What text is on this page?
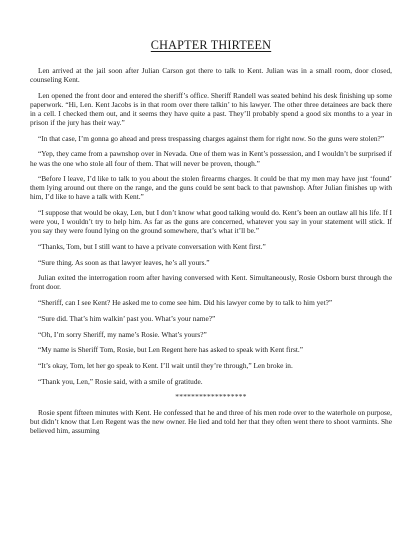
CHAPTER THIRTEEN

Len arrived at the jail soon after Julian Carson got there to talk to Kent. Julian was in a small room, door closed, counseling Kent.

Len opened the front door and entered the sheriff’s office. Sheriff Randell was seated behind his desk finishing up some paperwork. “Hi, Len. Kent Jacobs is in that room over there talkin’ to his lawyer. The other three detainees are back there in a cell. I checked them out, and it seems they have quite a past. They’ll probably spend a good six months to a year in prison if the jury has their way.”

“In that case, I’m gonna go ahead and press trespassing charges against them for right now. So the guns were stolen?”

“Yep, they came from a pawnshop over in Nevada. One of them was in Kent’s possession, and I wouldn’t be surprised if he was the one who stole all four of them. That will never be proven, though.”

“Before I leave, I’d like to talk to you about the stolen firearms charges. It could be that my men may have just ‘found’ them lying around out there on the range, and the guns could be sent back to that pawnshop. After Julian finishes up with him, I’d like to have a talk with Kent.”

“I suppose that would be okay, Len, but I don’t know what good talking would do. Kent’s been an outlaw all his life. If I were you, I wouldn’t try to help him. As far as the guns are concerned, whatever you say in your statement will stick. If you say they were found lying on the ground somewhere, that’s what it’ll be.”

“Thanks, Tom, but I still want to have a private conversation with Kent first.”

“Sure thing. As soon as that lawyer leaves, he’s all yours.”

Julian exited the interrogation room after having conversed with Kent. Simultaneously, Rosie Osborn burst through the front door.

“Sheriff, can I see Kent? He asked me to come see him. Did his lawyer come by to talk to him yet?”

“Sure did. That’s him walkin’ past you. What’s your name?”

“Oh, I’m sorry Sheriff, my name’s Rosie. What’s yours?”

“My name is Sheriff Tom, Rosie, but Len Regent here has asked to speak with Kent first.”

“It’s okay, Tom, let her go speak to Kent. I’ll wait until they’re through,” Len broke in.

“Thank you, Len,” Rosie said, with a smile of gratitude.

******************

Rosie spent fifteen minutes with Kent. He confessed that he and three of his men rode over to the waterhole on purpose, but didn’t know that Len Regent was the new owner. He lied and told her that they often went there to shoot varmints. She believed him, assuming
